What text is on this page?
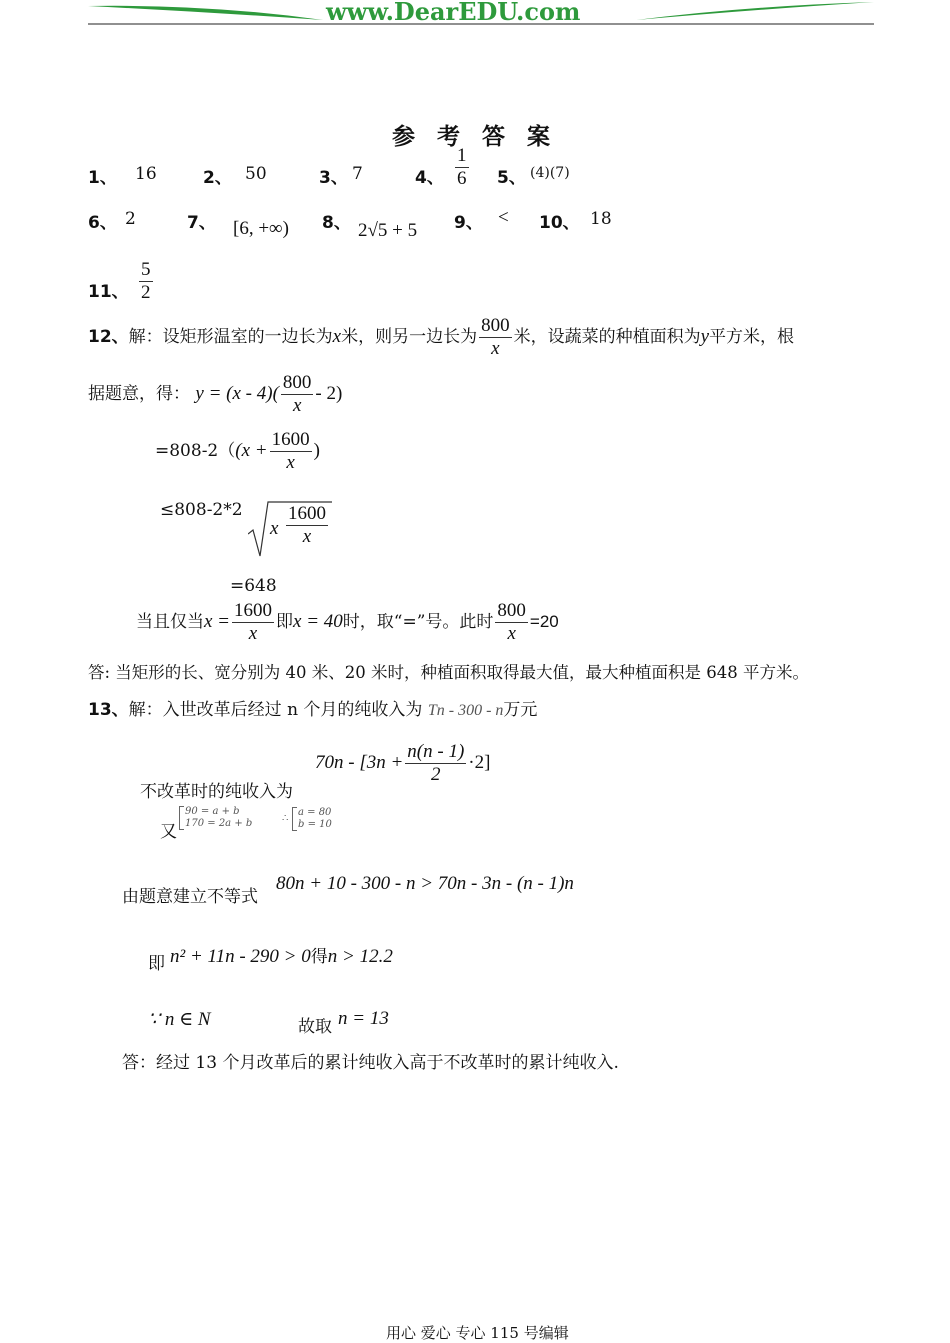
www.DearEDU.com
参考答案
1、 16	2、 50	3、 7	4、 $\frac{1}{6} 5$、 (4)(7)
6、 2	7、 [6, +∞) 8、 2√5 + 5 9、 < 10、 18
11、 $\frac{5}{2}$
12、解：设矩形温室的一边长为x米，则另一边长为 $\frac{800}{x}$ 米，设蔬菜的种植面积为y平方米，根
据题意，得： $y = (x - 4)( \frac{800}{x} - 2)$
$=808-2((x + \frac{1600}{x}$ )
≤808-2*2
x $\frac{1600}{x}$
=648
当且仅当$x = \frac{1600}{x}$ 即x = 40时，取“=”号。此时 $\frac{800}{x} =20$
答: 当矩形的长、宽分别为 40 米、20 米时，种植面积取得最大值，最大种植面积是 648 平方米。
13、解：入世改革后经过 n 个月的纯收入为 Tn - 300 - n万元
不改革时的纯收入为
$70n - [3n + \frac{n(n - 1)}{2} \cdot 2]$
又
90 = a + b
170 = 2a + b	∴
a = 80
b = 10
由题意建立不等式
80n + 10 - 300 - n > 70n - 3n - (n - 1)n
即 n² + 11n - 290 > 0得n > 12.2
∵ n ∈ N	故取 n = 13
答：经过 13 个月改革后的累计纯收入高于不改革时的累计纯收入.
用心 爱心 专心 115 号编辑
